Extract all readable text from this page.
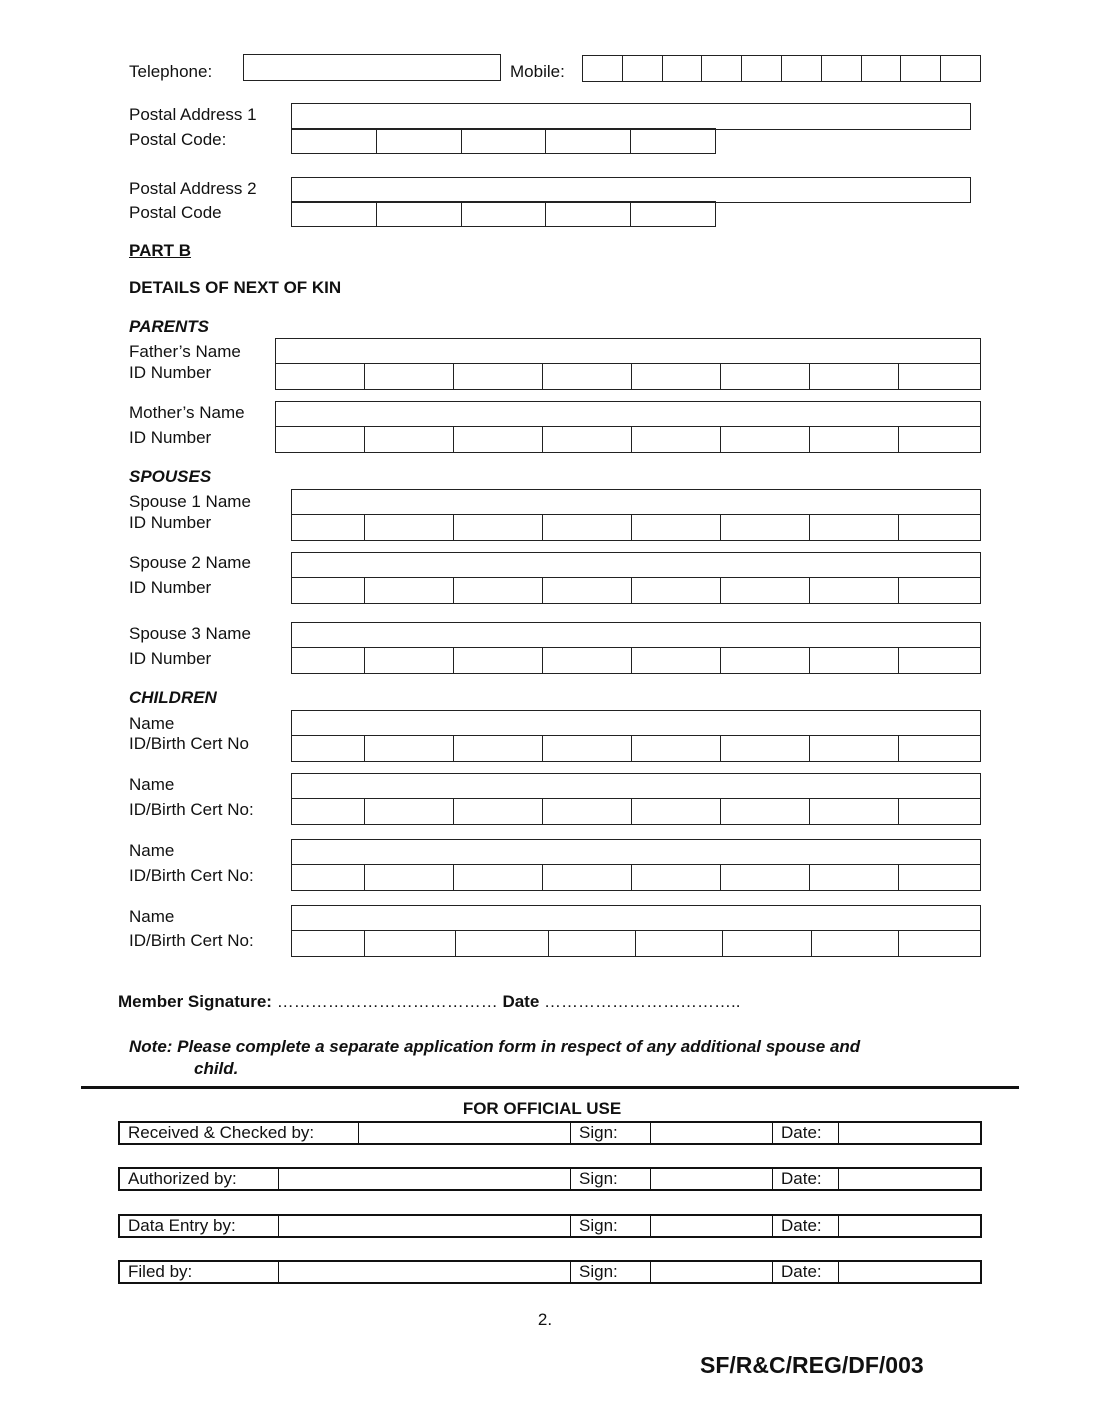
Telephone:	Mobile:
Postal Address 1
Postal Code:
Postal Address 2
Postal Code
PART B
DETAILS OF NEXT OF KIN
PARENTS
Father’s Name
ID Number
Mother’s Name
ID Number
SPOUSES
Spouse 1 Name
ID Number
Spouse 2 Name
ID Number
Spouse 3 Name
ID Number
CHILDREN
Name
ID/Birth Cert No
Name
ID/Birth Cert No:
Name
ID/Birth Cert No:
Name
ID/Birth Cert No:
Member Signature: ………………………………… Date ……………………………..
Note: Please complete a separate application form in respect of any additional spouse and
child.
FOR OFFICIAL USE
Received & Checked by:	Sign:	Date:
Authorized by:	Sign:	Date:
Data Entry by:	Sign:	Date:
Filed by:	Sign:	Date:
2.
SF/R&C/REG/DF/003
